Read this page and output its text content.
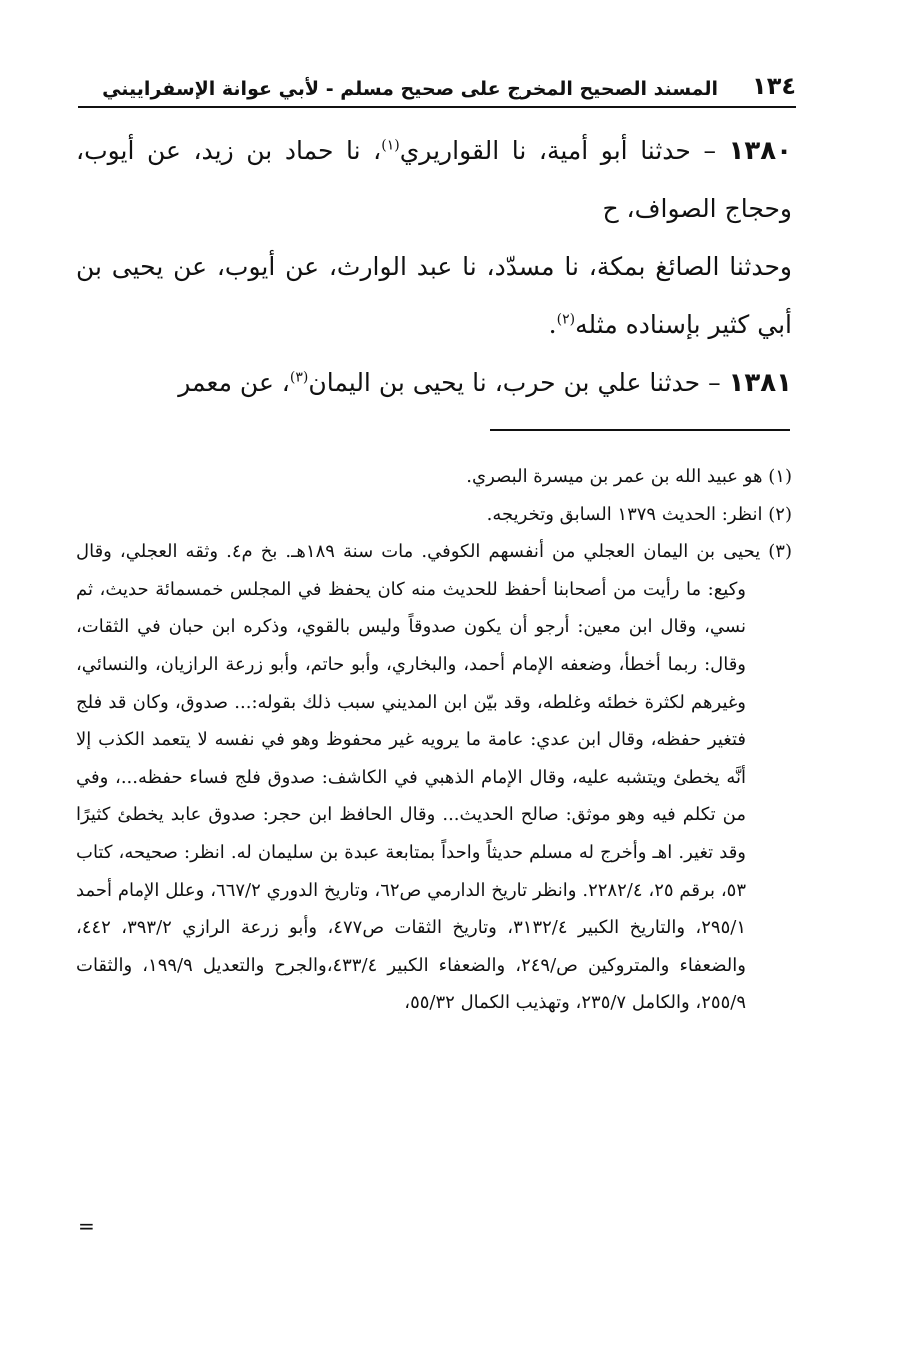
١٣٤
المسند الصحيح المخرج على صحيح مسلم - لأبي عوانة الإسفراييني

١٣٨٠ – حدثنا أبو أمية، نا القواريري$^{(١)}$، نا حماد بن زيد، عن أيوب، وحجاج الصواف، ح

وحدثنا الصائغ بمكة، نا مسدّد، نا عبد الوارث، عن أيوب، عن يحيى بن أبي كثير بإسناده مثله$^{(٢)}$.

١٣٨١ – حدثنا علي بن حرب، نا يحيى بن اليمان$^{(٣)}$، عن معمر

(١) هو عبيد الله بن عمر بن ميسرة البصري.

(٢) انظر: الحديث ١٣٧٩ السابق وتخريجه.

(٣) يحيى بن اليمان العجلي من أنفسهم الكوفي. مات سنة ١٨٩هـ. بخ م٤. وثقه العجلي، وقال وكيع: ما رأيت من أصحابنا أحفظ للحديث منه كان يحفظ في المجلس خمسمائة حديث، ثم نسي، وقال ابن معين: أرجو أن يكون صدوقاً وليس بالقوي، وذكره ابن حبان في الثقات، وقال: ربما أخطأ، وضعفه الإمام أحمد، والبخاري، وأبو حاتم، وأبو زرعة الرازيان، والنسائي، وغيرهم لكثرة خطئه وغلطه، وقد بيّن ابن المديني سبب ذلك بقوله:... صدوق، وكان قد فلج فتغير حفظه، وقال ابن عدي: عامة ما يرويه غير محفوظ وهو في نفسه لا يتعمد الكذب إلا أنَّه يخطئ ويتشبه عليه، وقال الإمام الذهبي في الكاشف: صدوق فلج فساء حفظه...، وفي من تكلم فيه وهو موثق: صالح الحديث... وقال الحافظ ابن حجر: صدوق عابد يخطئ كثيرًا وقد تغير. اهـ وأخرج له مسلم حديثاً واحداً بمتابعة عبدة بن سليمان له. انظر: صحيحه، كتاب ٥٣، برقم ٢٥، ٢٢٨٢/٤. وانظر تاريخ الدارمي ص٦٢، وتاريخ الدوري ٦٦٧/٢، وعلل الإمام أحمد ٢٩٥/١، والتاريخ الكبير ٣١٣٢/٤، وتاريخ الثقات ص٤٧٧، وأبو زرعة الرازي ٣٩٣/٢، ٤٤٢، والضعفاء والمتروكين ص/٢٤٩، والضعفاء الكبير ٤٣٣/٤،والجرح والتعديل ١٩٩/٩، والثقات ٢٥٥/٩، والكامل ٢٣٥/٧، وتهذيب الكمال ٥٥/٣٢،

=
